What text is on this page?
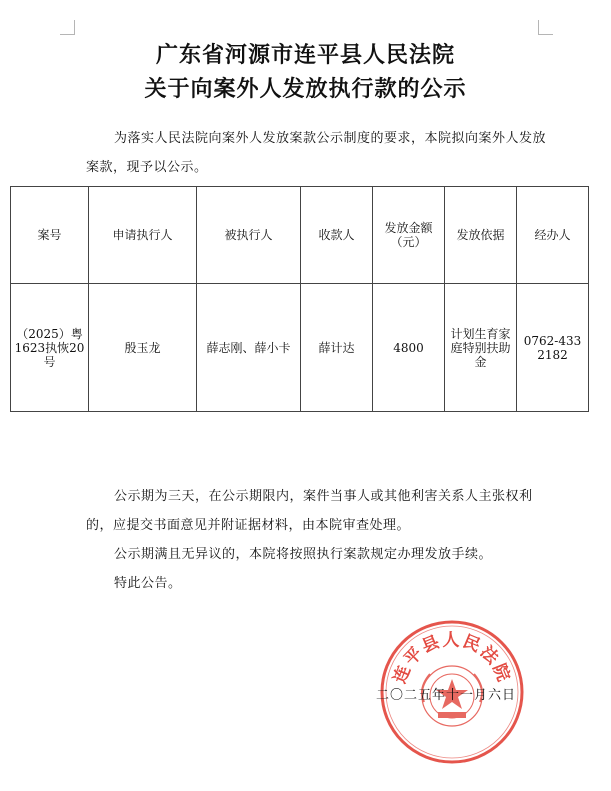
广东省河源市连平县人民法院
关于向案外人发放执行款的公示

为落实人民法院向案外人发放案款公示制度的要求，本院拟向案外人发放案款，现予以公示。

案号	申请执行人	被执行人	收款人	发放金额（元）	发放依据	经办人
（2025）粤1623执恢20号	殷玉龙	薛志刚、薛小卡	薛计达	4800	计划生育家庭特别扶助金	0762-4332182

公示期为三天，在公示期限内，案件当事人或其他利害关系人主张权利的，应提交书面意见并附证据材料，由本院审查处理。

公示期满且无异议的，本院将按照执行案款规定办理发放手续。

特此公告。

连平县人民法院
二〇二五年十一月六日
